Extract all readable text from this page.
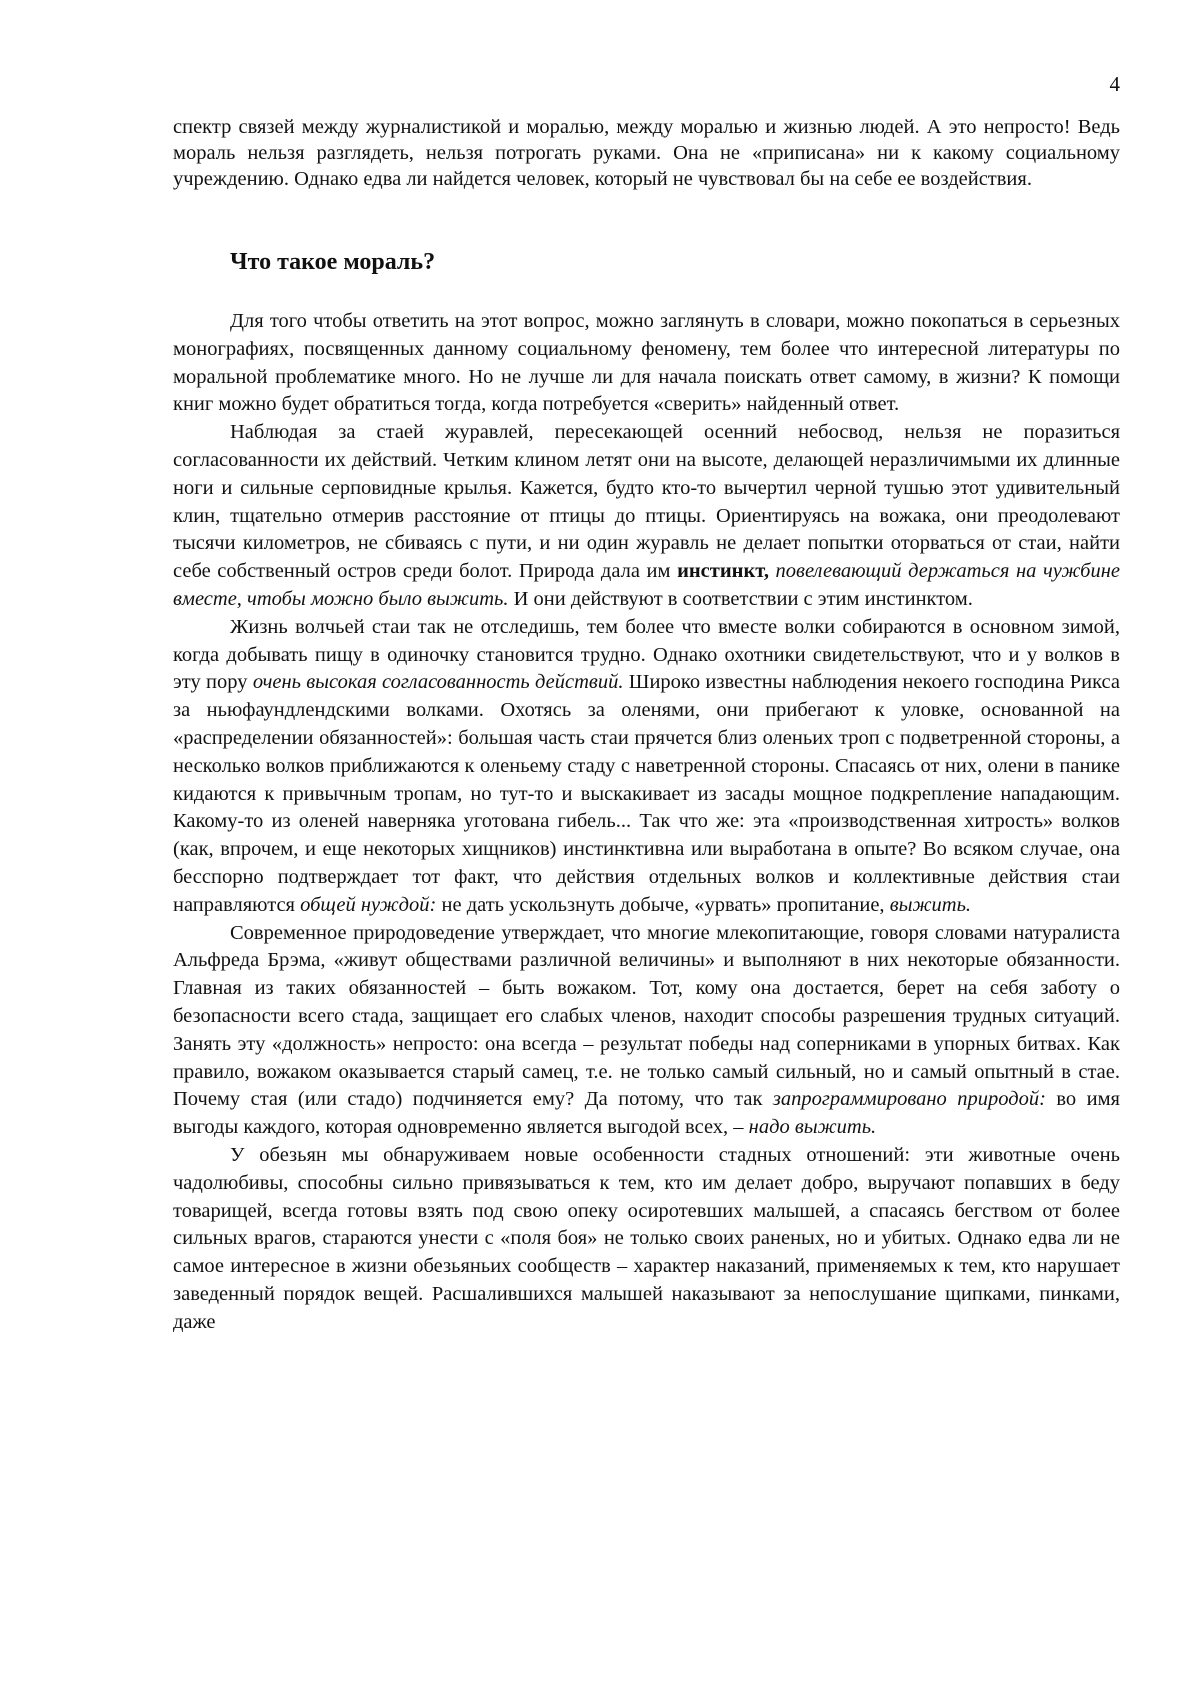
4

спектр связей между журналистикой и моралью, между моралью и жизнью людей. А это непросто! Ведь мораль нельзя разглядеть, нельзя потрогать руками. Она не «приписана» ни к какому социальному учреждению. Однако едва ли найдется человек, который не чувствовал бы на себе ее воздействия.

Что такое мораль?

Для того чтобы ответить на этот вопрос, можно заглянуть в словари, можно покопаться в серьезных монографиях, посвященных данному социальному феномену, тем более что интересной литературы по моральной проблематике много. Но не лучше ли для начала поискать ответ самому, в жизни? К помощи книг можно будет обратиться тогда, когда потребуется «сверить» найденный ответ.

Наблюдая за стаей журавлей, пересекающей осенний небосвод, нельзя не поразиться согласованности их действий. Четким клином летят они на высоте, делающей неразличимыми их длинные ноги и сильные серповидные крылья. Кажется, будто кто-то вычертил черной тушью этот удивительный клин, тщательно отмерив расстояние от птицы до птицы. Ориентируясь на вожака, они преодолевают тысячи километров, не сбиваясь с пути, и ни один журавль не делает попытки оторваться от стаи, найти себе собственный остров среди болот. Природа дала им инстинкт, повелевающий держаться на чужбине вместе, чтобы можно было выжить. И они действуют в соответствии с этим инстинктом.

Жизнь волчьей стаи так не отследишь, тем более что вместе волки собираются в основном зимой, когда добывать пищу в одиночку становится трудно. Однако охотники свидетельствуют, что и у волков в эту пору очень высокая согласованность действий. Широко известны наблюдения некоего господина Рикса за ньюфаундлендскими волками. Охотясь за оленями, они прибегают к уловке, основанной на «распределении обязанностей»: большая часть стаи прячется близ оленьих троп с подветренной стороны, а несколько волков приближаются к оленьему стаду с наветренной стороны. Спасаясь от них, олени в панике кидаются к привычным тропам, но тут-то и выскакивает из засады мощное подкрепление нападающим. Какому-то из оленей наверняка уготована гибель... Так что же: эта «производственная хитрость» волков (как, впрочем, и еще некоторых хищников) инстинктивна или выработана в опыте? Во всяком случае, она бесспорно подтверждает тот факт, что действия отдельных волков и коллективные действия стаи направляются общей нуждой: не дать ускользнуть добыче, «урвать» пропитание, выжить.

Современное природоведение утверждает, что многие млекопитающие, говоря словами натуралиста Альфреда Брэма, «живут обществами различной величины» и выполняют в них некоторые обязанности. Главная из таких обязанностей – быть вожаком. Тот, кому она достается, берет на себя заботу о безопасности всего стада, защищает его слабых членов, находит способы разрешения трудных ситуаций. Занять эту «должность» непросто: она всегда – результат победы над соперниками в упорных битвах. Как правило, вожаком оказывается старый самец, т.е. не только самый сильный, но и самый опытный в стае. Почему стая (или стадо) подчиняется ему? Да потому, что так запрограммировано природой: во имя выгоды каждого, которая одновременно является выгодой всех, – надо выжить.

У обезьян мы обнаруживаем новые особенности стадных отношений: эти животные очень чадолюбивы, способны сильно привязываться к тем, кто им делает добро, выручают попавших в беду товарищей, всегда готовы взять под свою опеку осиротевших малышей, а спасаясь бегством от более сильных врагов, стараются унести с «поля боя» не только своих раненых, но и убитых. Однако едва ли не самое интересное в жизни обезьяньих сообществ – характер наказаний, применяемых к тем, кто нарушает заведенный порядок вещей. Расшалившихся малышей наказывают за непослушание щипками, пинками, даже
